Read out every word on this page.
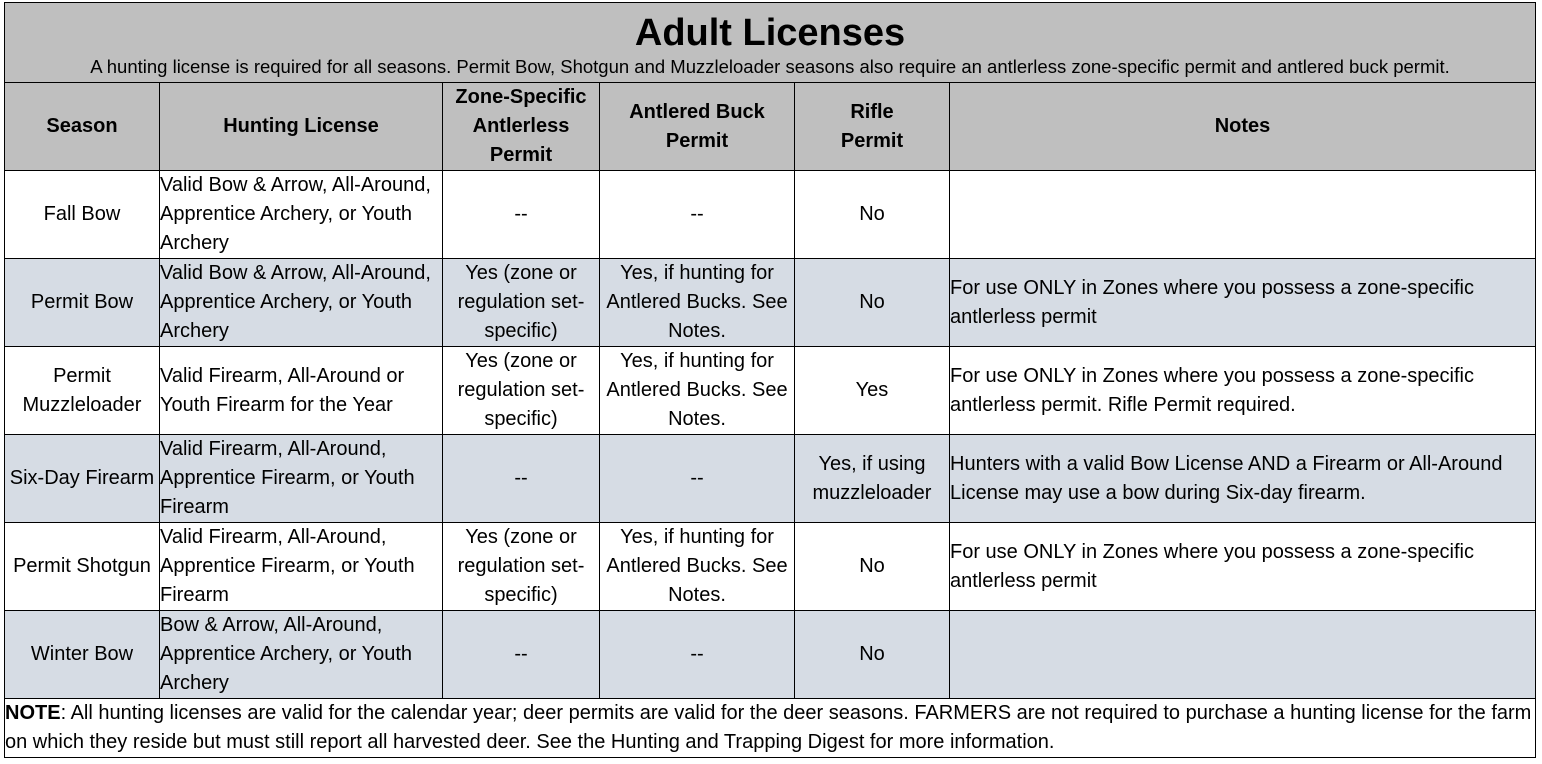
Adult Licenses
A hunting license is required for all seasons. Permit Bow, Shotgun and Muzzleloader seasons also require an antlerless zone-specific permit and antlered buck permit.					

Season	Hunting License	Zone-Specific Antlerless Permit	Antlered Buck Permit	Rifle Permit	Notes
Fall Bow	Valid Bow & Arrow, All-Around, Apprentice Archery, or Youth Archery	--	--	No	
Permit Bow	Valid Bow & Arrow, All-Around, Apprentice Archery, or Youth Archery	Yes (zone or regulation set-specific)	Yes, if hunting for Antlered Bucks. See Notes.	No	For use ONLY in Zones where you possess a zone-specific antlerless permit
Permit Muzzleloader	Valid Firearm, All-Around or Youth Firearm for the Year	Yes (zone or regulation set-specific)	Yes, if hunting for Antlered Bucks. See Notes.	Yes	For use ONLY in Zones where you possess a zone-specific antlerless permit. Rifle Permit required.
Six-Day Firearm	Valid Firearm, All-Around, Apprentice Firearm, or Youth Firearm	--	--	Yes, if using muzzleloader	Hunters with a valid Bow License AND a Firearm or All-Around License may use a bow during Six-day firearm.
Permit Shotgun	Valid Firearm, All-Around, Apprentice Firearm, or Youth Firearm	Yes (zone or regulation set-specific)	Yes, if hunting for Antlered Bucks. See Notes.	No	For use ONLY in Zones where you possess a zone-specific antlerless permit
Winter Bow	Bow & Arrow, All-Around, Apprentice Archery, or Youth Archery	--	--	No	
NOTE: All hunting licenses are valid for the calendar year; deer permits are valid for the deer seasons. FARMERS are not required to purchase a hunting license for the farm on which they reside but must still report all harvested deer. See the Hunting and Trapping Digest for more information.					
